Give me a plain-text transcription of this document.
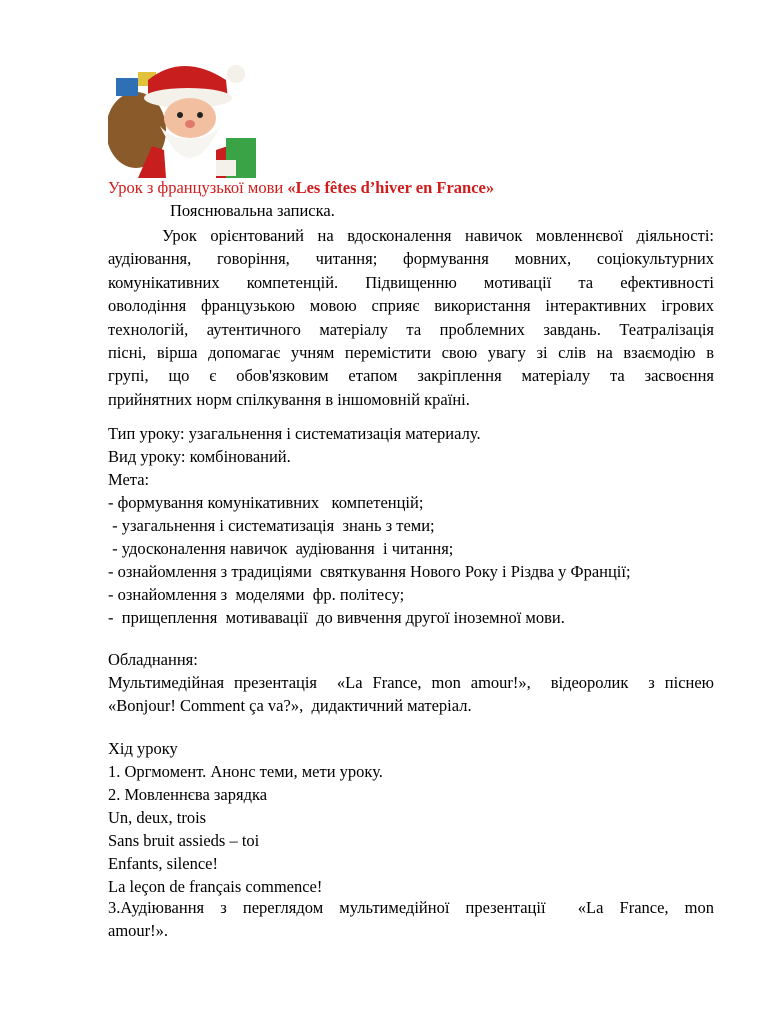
Урок з французької мови «Les fêtes d’hiver en France»
Пояснювальна записка.
Урок орієнтований на вдосконалення навичок мовленнєвої діяльності:
аудіювання, говоріння, читання; формування мовних, соціокультурних
комунікативних компетенцій. Підвищенню мотивації та ефективності
оволодіння французькою мовою сприяє використання інтерактивних ігрових
технологій, аутентичного матеріалу та проблемних завдань. Театралізація
пісні, вірша допомагає учням перемістити свою увагу зі слів на взаємодію в
групі, що є обов'язковим етапом закріплення матеріалу та засвоєння
прийнятних норм спілкування в іншомовній країні.
Тип уроку: узагальнення і систематизація материалу.
Вид уроку: комбінований.
Мета:
- формування комунікативних   компетенцій;
- узагальнення і систематизація  знань з теми;
- удосконалення навичок  аудіювання  і читання;
- ознайомлення з традиціями  святкування Нового Року і Різдва у Франції;
- ознайомлення з  моделями  фр. політесу;
-  прищеплення  мотивавації  до вивчення другої іноземної мови.
Обладнання:
Мультимедійная презентація  «La France, mon amour!»,  відеоролик  з пiснею
«Bonjour! Comment ça va?»,  дидактичний матеріал.
Хід уроку
1. Оргмомент. Анонс теми, мети уроку.
2. Мовленнєва зарядка
Un, deux, trois
Sans bruit assieds – toi
Enfants, silence!
La leçon de français commence!
3.Аудіювання з переглядом мультимедійної презентації  «La France, mon
amour!».
